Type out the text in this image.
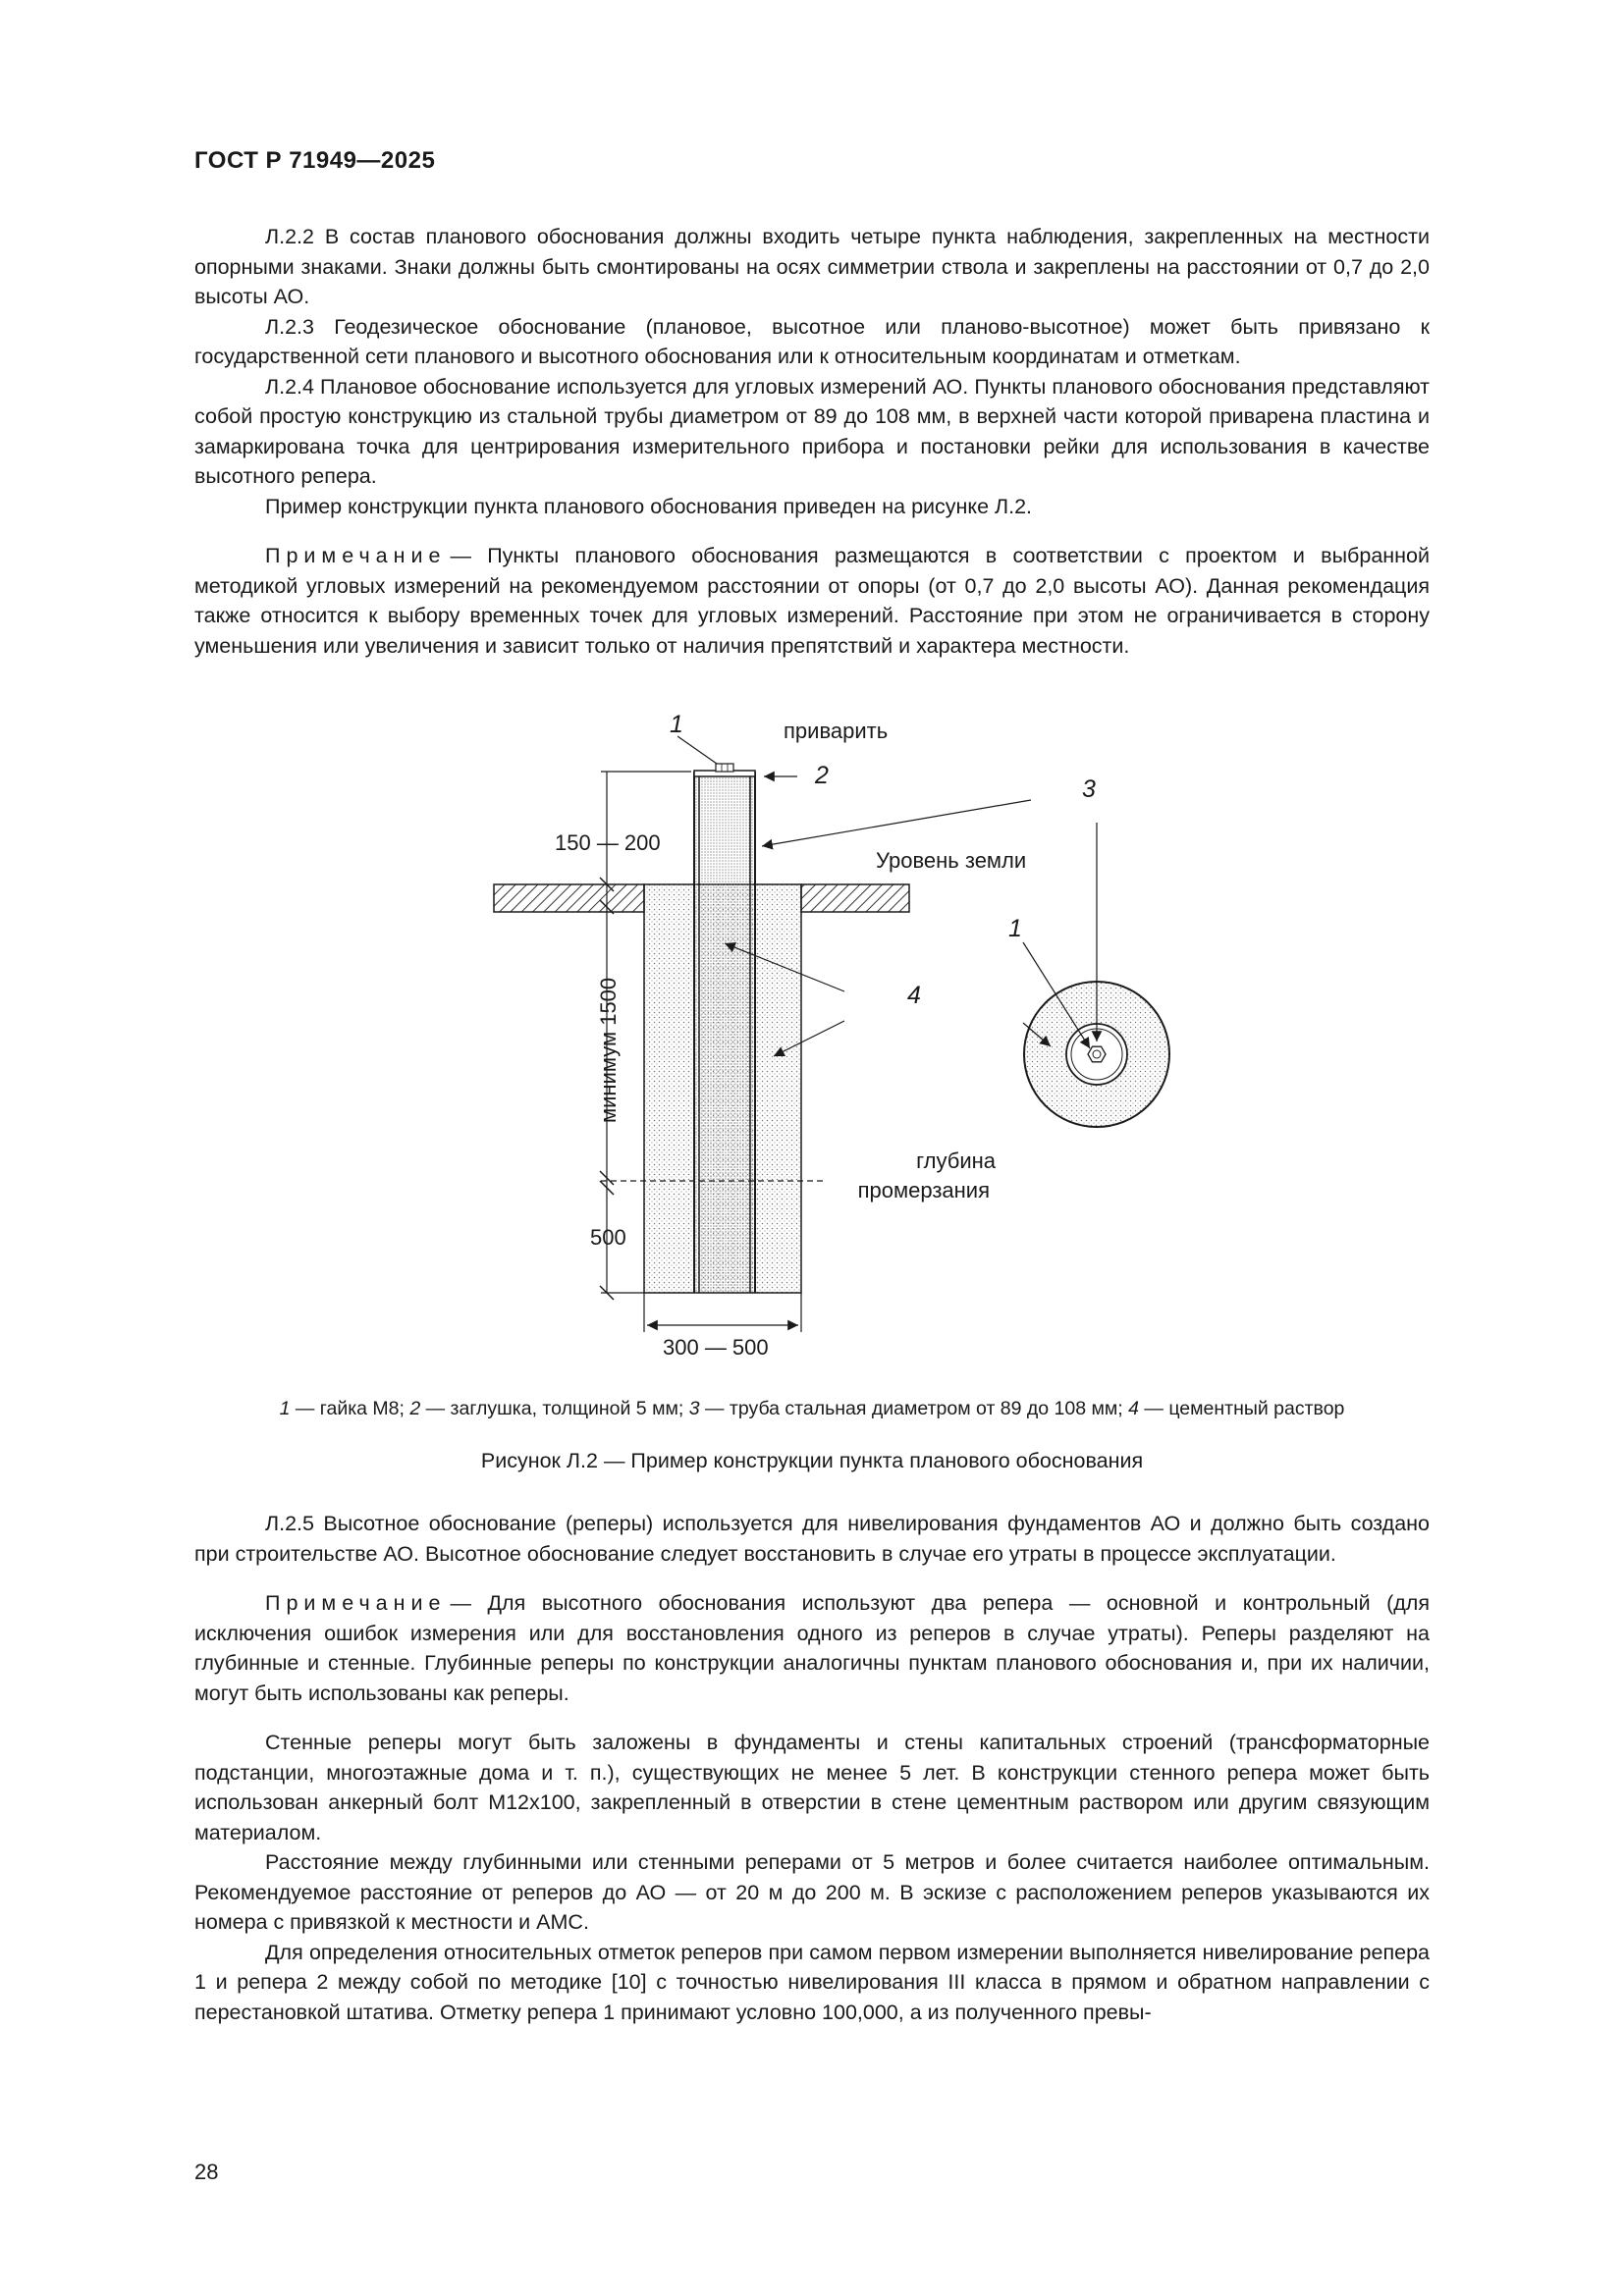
ГОСТ Р 71949—2025

Л.2.2 В состав планового обоснования должны входить четыре пункта наблюдения, закрепленных на местности опорными знаками. Знаки должны быть смонтированы на осях симметрии ствола и закреплены на расстоянии от 0,7 до 2,0 высоты АО.

Л.2.3 Геодезическое обоснование (плановое, высотное или планово-высотное) может быть привязано к государственной сети планового и высотного обоснования или к относительным координатам и отметкам.

Л.2.4 Плановое обоснование используется для угловых измерений АО. Пункты планового обоснования представляют собой простую конструкцию из стальной трубы диаметром от 89 до 108 мм, в верхней части которой приварена пластина и замаркирована точка для центрирования измерительного прибора и постановки рейки для использования в качестве высотного репера.

Пример конструкции пункта планового обоснования приведен на рисунке Л.2.

Примечание — Пункты планового обоснования размещаются в соответствии с проектом и выбранной методикой угловых измерений на рекомендуемом расстоянии от опоры (от 0,7 до 2,0 высоты АО). Данная рекомендация также относится к выбору временных точек для угловых измерений. Расстояние при этом не ограничивается в сторону уменьшения или увеличения и зависит только от наличия препятствий и характера местности.

1	приварить
2	3
150 — 200
Уровень земли
1
4
минимум 1500
глубина
промерзания
500
300 — 500
1 — гайка М8; 2 — заглушка, толщиной 5 мм; 3 — труба стальная диаметром от 89 до 108 мм; 4 — цементный раствор
Рисунок Л.2 — Пример конструкции пункта планового обоснования

Л.2.5 Высотное обоснование (реперы) используется для нивелирования фундаментов АО и должно быть создано при строительстве АО. Высотное обоснование следует восстановить в случае его утраты в процессе эксплуатации.

Примечание — Для высотного обоснования используют два репера — основной и контрольный (для исключения ошибок измерения или для восстановления одного из реперов в случае утраты). Реперы разделяют на глубинные и стенные. Глубинные реперы по конструкции аналогичны пунктам планового обоснования и, при их наличии, могут быть использованы как реперы.

Стенные реперы могут быть заложены в фундаменты и стены капитальных строений (трансформаторные подстанции, многоэтажные дома и т. п.), существующих не менее 5 лет. В конструкции стенного репера может быть использован анкерный болт М12х100, закрепленный в отверстии в стене цементным раствором или другим связующим материалом.

Расстояние между глубинными или стенными реперами от 5 метров и более считается наиболее оптимальным. Рекомендуемое расстояние от реперов до АО — от 20 м до 200 м. В эскизе с расположением реперов указываются их номера с привязкой к местности и АМС.

Для определения относительных отметок реперов при самом первом измерении выполняется нивелирование репера 1 и репера 2 между собой по методике [10] с точностью нивелирования III класса в прямом и обратном направлении с перестановкой штатива. Отметку репера 1 принимают условно 100,000, а из полученного превы-

28
